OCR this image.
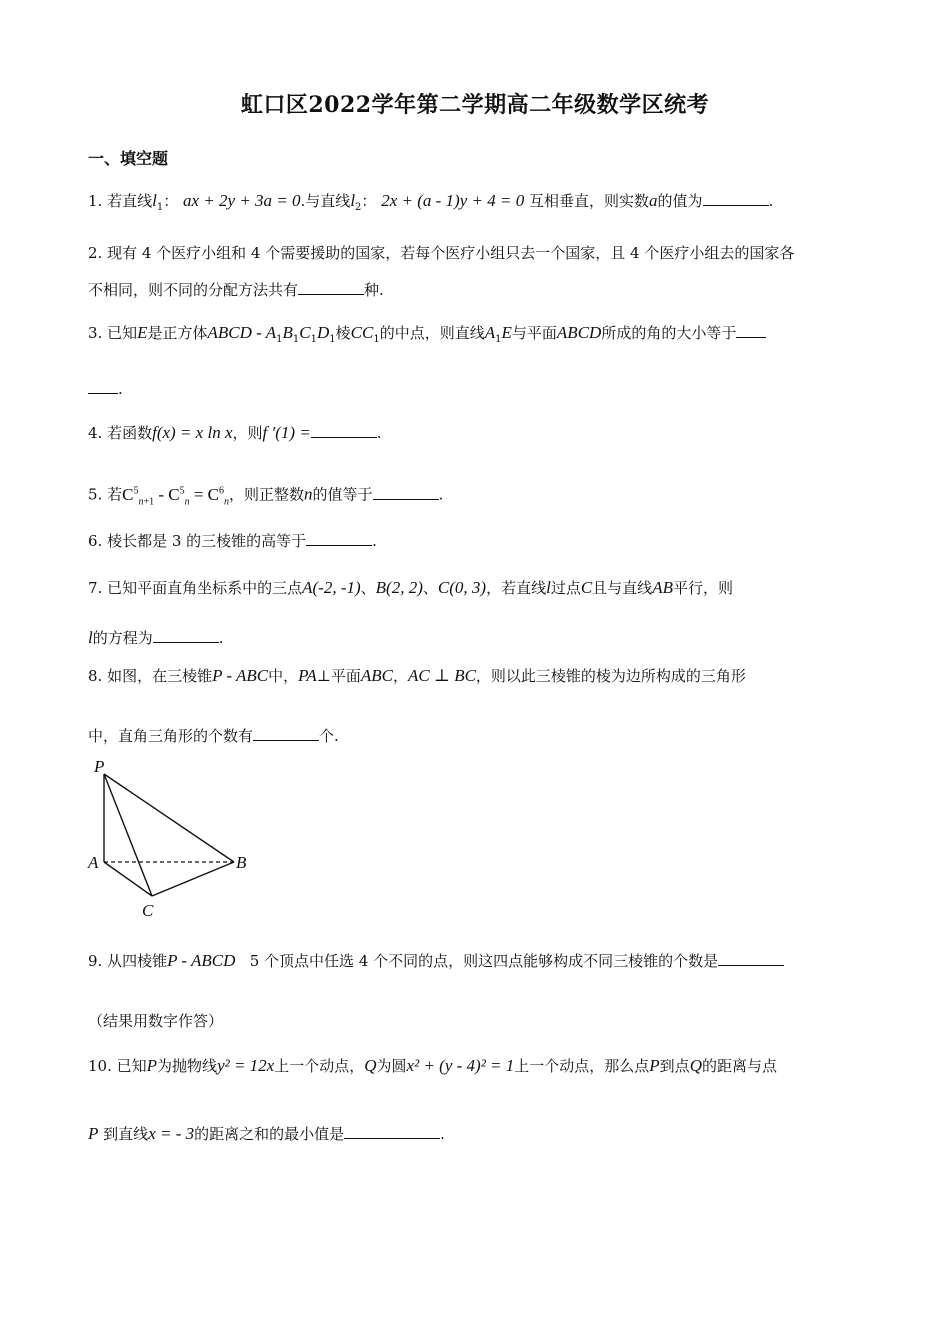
虹口区2022学年第二学期高二年级数学区统考
一、填空题
1. 若直线$l_1$： ax + 2y + 3a = 0.与直线$l_2$： 2x + (a - 1)y + 4 = 0 互相垂直，则实数a的值为	.
2. 现有 4 个医疗小组和 4 个需要援助的国家，若每个医疗小组只去一个国家，且 4 个医疗小组去的国家各
不相同，则不同的分配方法共有	种.
3. 已知E是正方体ABCD - $A_1B_1C_1D_1$棱$CC_1$的中点，则直线$A_1E$与平面ABCD所成的角的大小等于
.
4. 若函数f(x) = x ln x，则f ′(1) =	.
5. 若$C^5_{n+1} - C^5_n = C^6_n$，则正整数n的值等于	.
6. 棱长都是 3 的三棱锥的高等于	.
7. 已知平面直角坐标系中的三点A(-2, -1)、B(2, 2)、C(0, 3)，若直线l过点C且与直线AB平行，则
l的方程为	.
8. 如图，在三棱锥P - ABC中，PA⊥平面ABC，AC ⊥ BC，则以此三棱锥的棱为边所构成的三角形
中，直角三角形的个数有	个.
P
A	B
C
9. 从四棱锥P - ABCD 5 个顶点中任选 4 个不同的点，则这四点能够构成不同三棱锥的个数是
（结果用数字作答）
10. 已知P为抛物线y² = 12x上一个动点，Q为圆x² + (y - 4)² = 1上一个动点，那么点P到点Q的距离与点
P 到直线x = - 3的距离之和的最小值是	.
